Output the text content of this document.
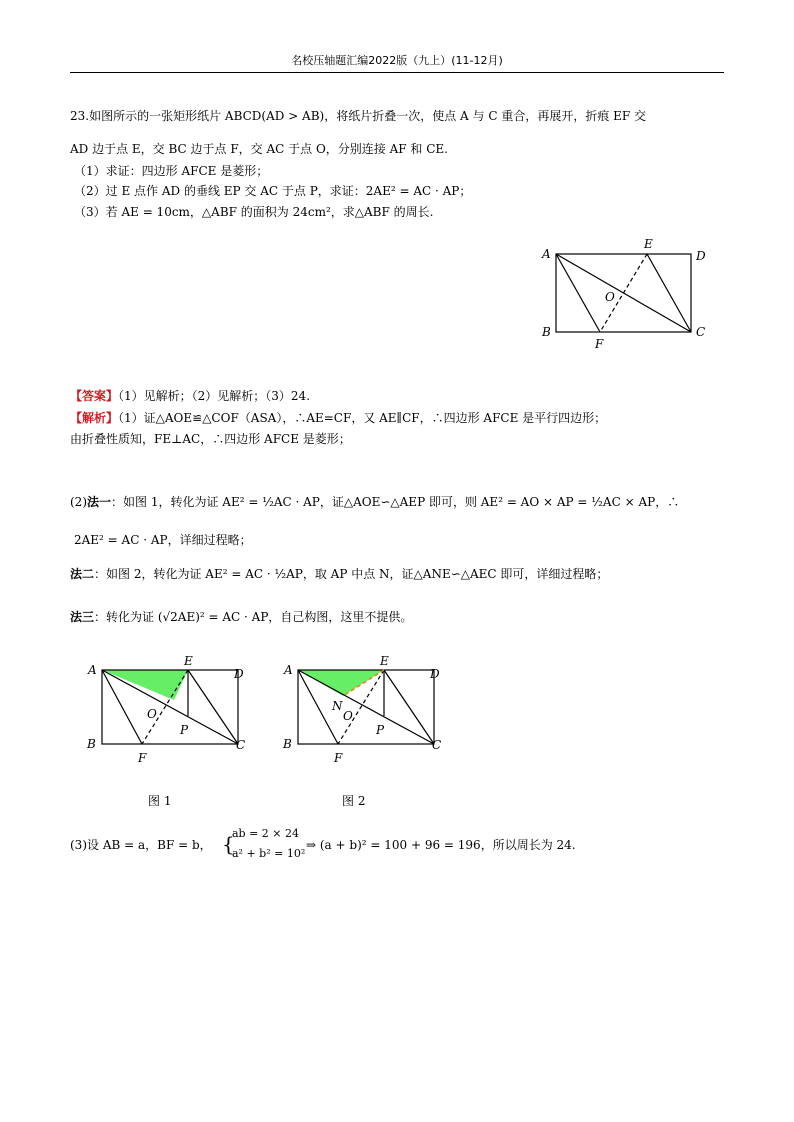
名校压轴题汇编2022版（九上）(11-12月)
23.如图所示的一张矩形纸片 ABCD(AD > AB)，将纸片折叠一次，使点 A 与 C 重合，再展开，折痕 EF 交
AD 边于点 E，交 BC 边于点 F，交 AC 于点 O，分别连接 AF 和 CE.
（1）求证：四边形 AFCE 是菱形；
（2）过 E 点作 AD 的垂线 EP 交 AC 于点 P，求证：2AE² = AC · AP；
（3）若 AE = 10cm，△ABF 的面积为 24cm²，求△ABF 的周长.
A	D
E
O
B	C
F
【答案】（1）见解析；（2）见解析；（3）24.
【解析】（1）证△AOE≌△COF（ASA），∴AE=CF，又 AE∥CF，∴四边形 AFCE 是平行四边形；
由折叠性质知，FE⊥AC，∴四边形 AFCE 是菱形；
(2)法一：如图 1，转化为证 AE² = ½AC · AP，证△AOE∽△AEP 即可，则 AE² = AO × AP = ½AC × AP，∴
2AE² = AC · AP，详细过程略；
法二：如图 2，转化为证 AE² = AC · ½AP，取 AP 中点 N，证△ANE∽△AEC 即可，详细过程略；
法三：转化为证 (√2AE)² = AC · AP，自己构图，这里不提供。
A	D
E
O
P
B	C
F
图 1
A	D
E
N
O
P
B	C
F
图 2
(3)设 AB = a，BF = b， {
ab = 2 × 24
a² + b² = 10²
⇒ (a + b)² = 100 + 96 = 196，所以周长为 24.
